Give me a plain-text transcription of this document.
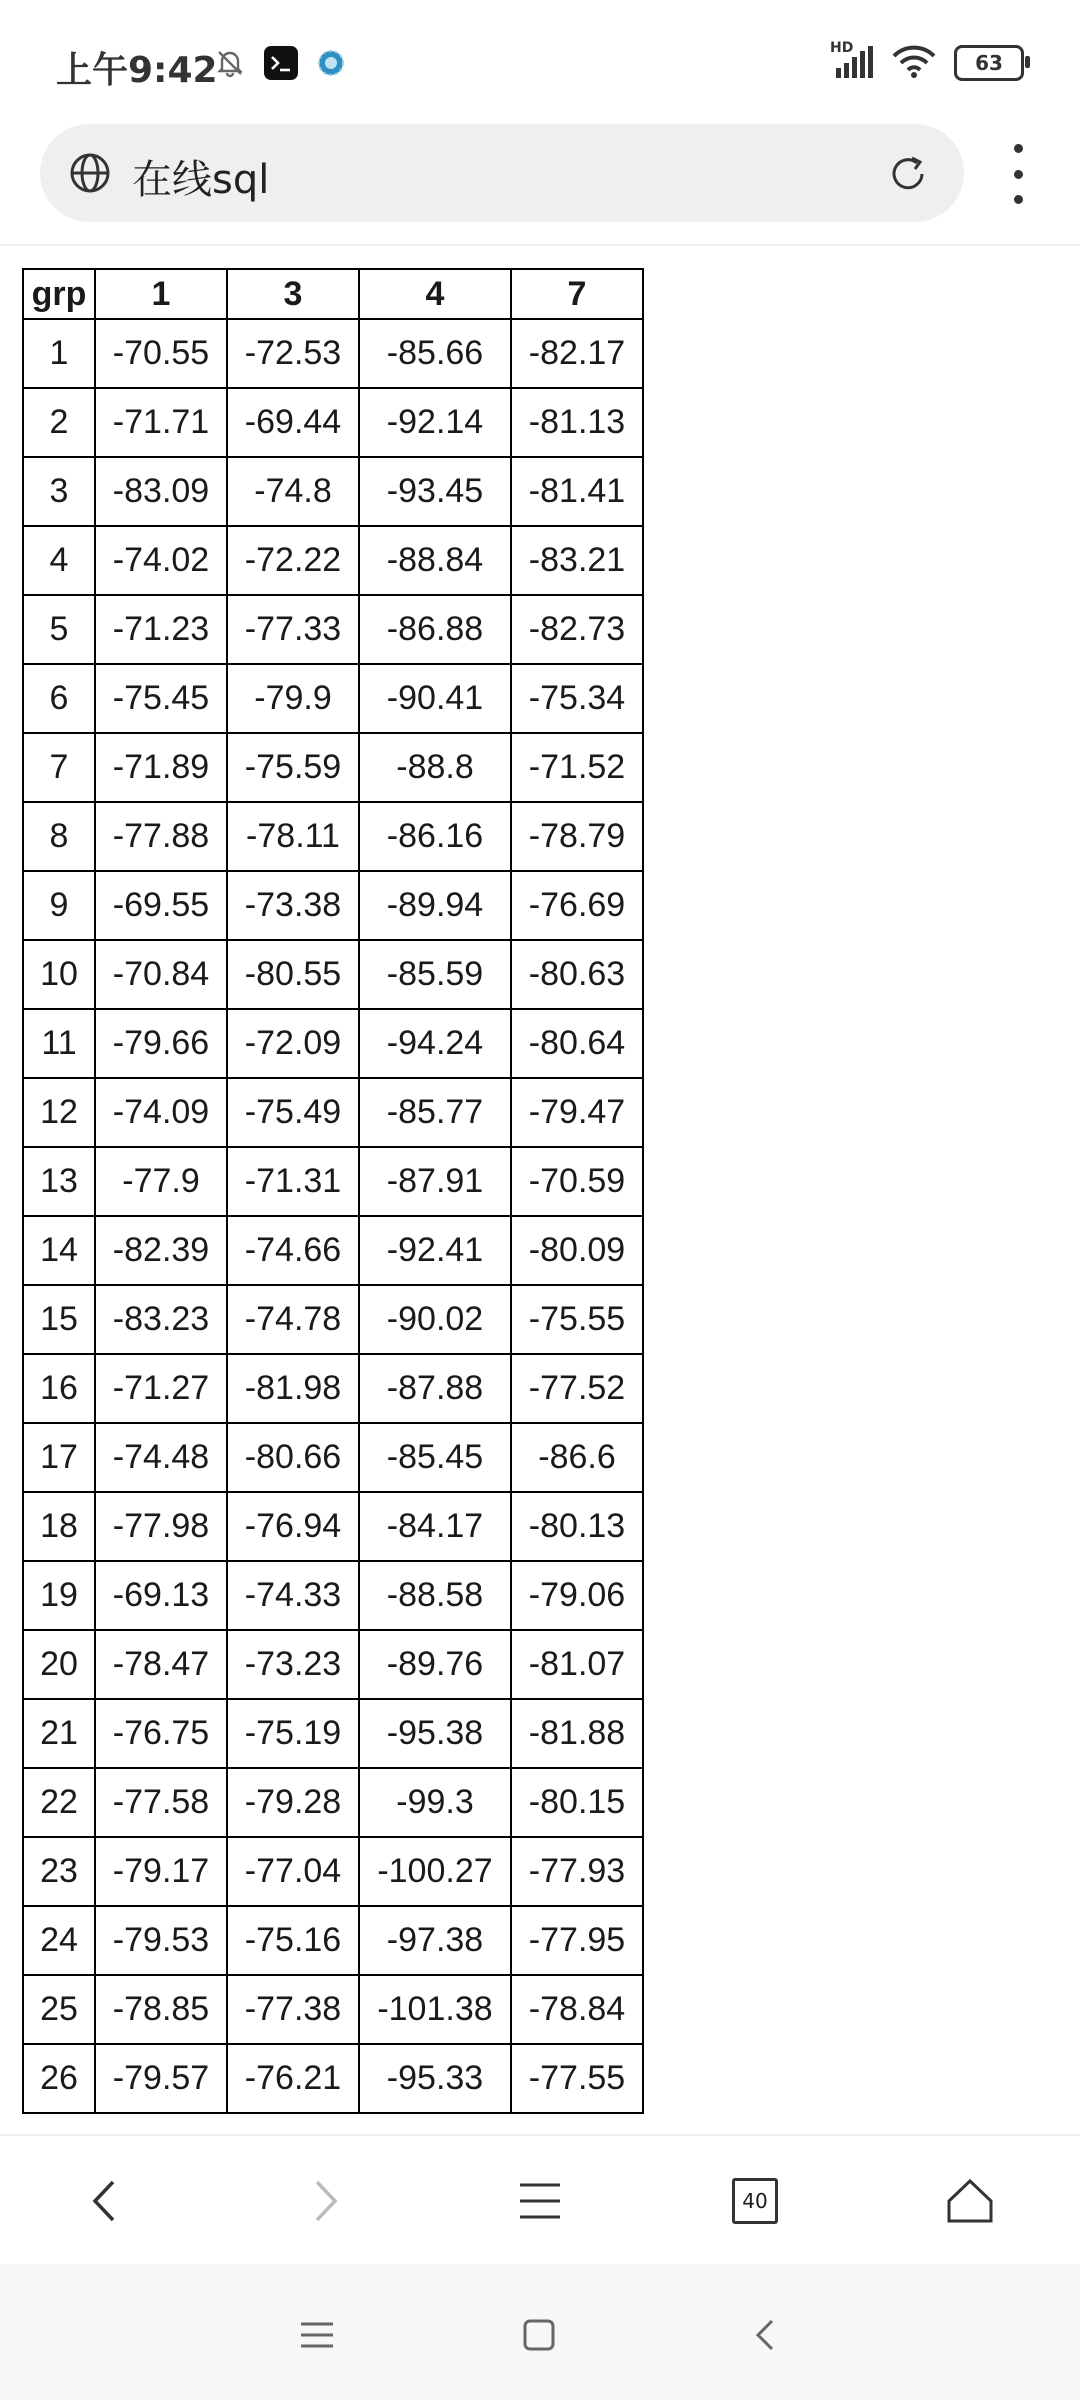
上午9:42
HD
63
在线sql
grp	1	3	4	7
1	-70.55	-72.53	-85.66	-82.17
2	-71.71	-69.44	-92.14	-81.13
3	-83.09	-74.8	-93.45	-81.41
4	-74.02	-72.22	-88.84	-83.21
5	-71.23	-77.33	-86.88	-82.73
6	-75.45	-79.9	-90.41	-75.34
7	-71.89	-75.59	-88.8	-71.52
8	-77.88	-78.11	-86.16	-78.79
9	-69.55	-73.38	-89.94	-76.69
10	-70.84	-80.55	-85.59	-80.63
11	-79.66	-72.09	-94.24	-80.64
12	-74.09	-75.49	-85.77	-79.47
13	-77.9	-71.31	-87.91	-70.59
14	-82.39	-74.66	-92.41	-80.09
15	-83.23	-74.78	-90.02	-75.55
16	-71.27	-81.98	-87.88	-77.52
17	-74.48	-80.66	-85.45	-86.6
18	-77.98	-76.94	-84.17	-80.13
19	-69.13	-74.33	-88.58	-79.06
20	-78.47	-73.23	-89.76	-81.07
21	-76.75	-75.19	-95.38	-81.88
22	-77.58	-79.28	-99.3	-80.15
23	-79.17	-77.04	-100.27	-77.93
24	-79.53	-75.16	-97.38	-77.95
25	-78.85	-77.38	-101.38	-78.84
26	-79.57	-76.21	-95.33	-77.55
40
